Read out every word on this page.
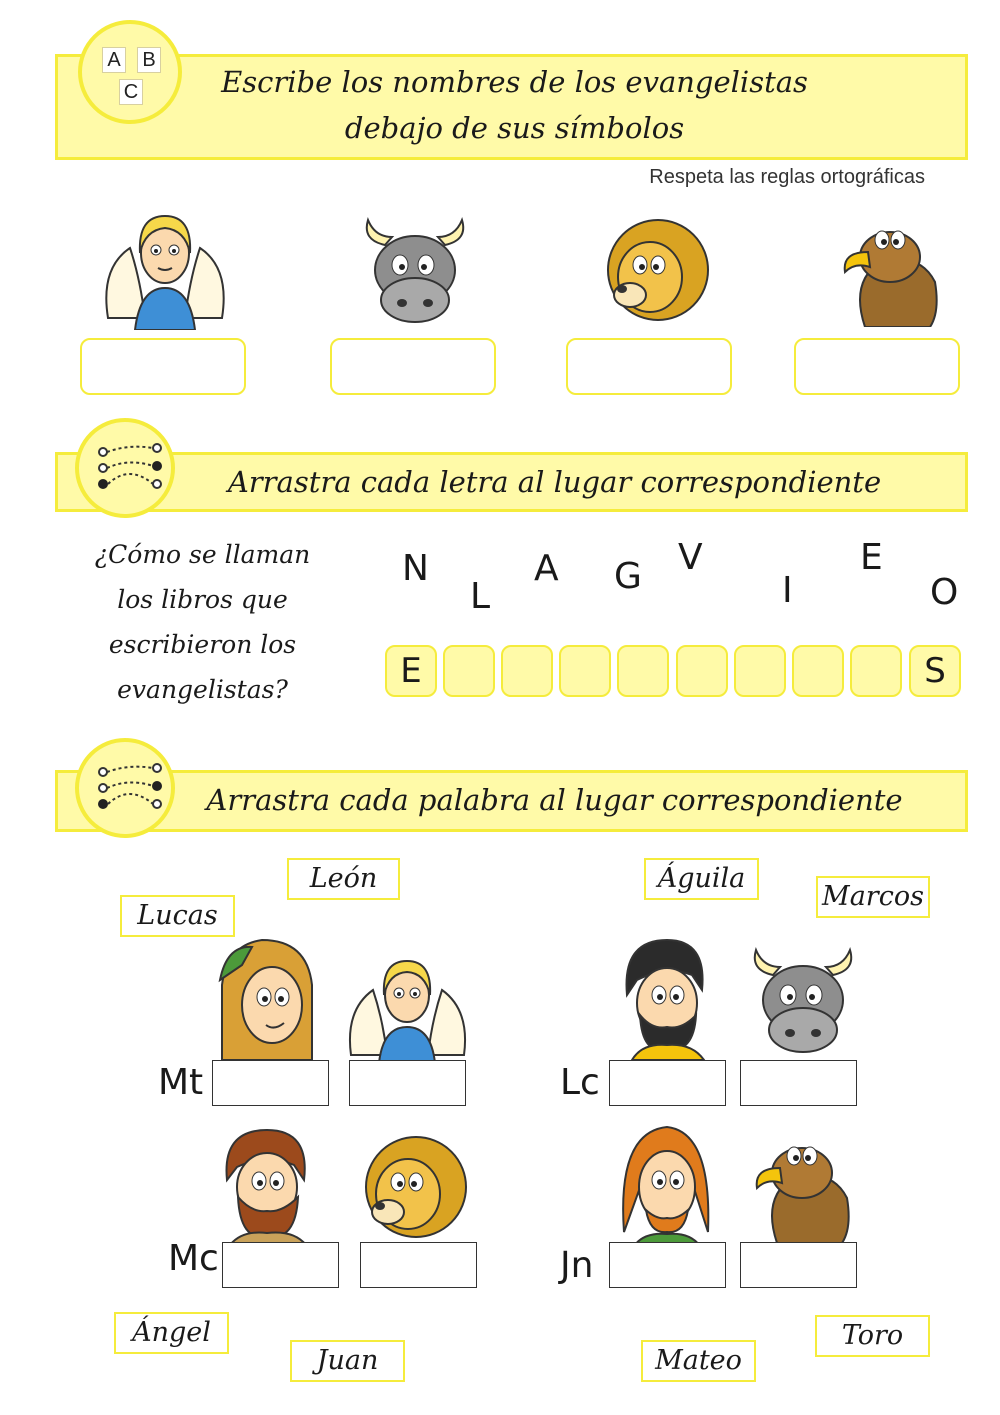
Escribe los nombres de los evangelistas
debajo de sus símbolos
A B
C
Respeta las reglas ortográficas
Arrastra cada letra al lugar correspondiente
¿Cómo se llaman
los libros que
escribieron los
evangelistas?
N
L
A G V
I
E
O
E	S
Arrastra cada palabra al lugar correspondiente
León
Lucas
Águila
Marcos
Ángel
Juan	Mateo
Toro
Mt	Lc
Mc	Jn
